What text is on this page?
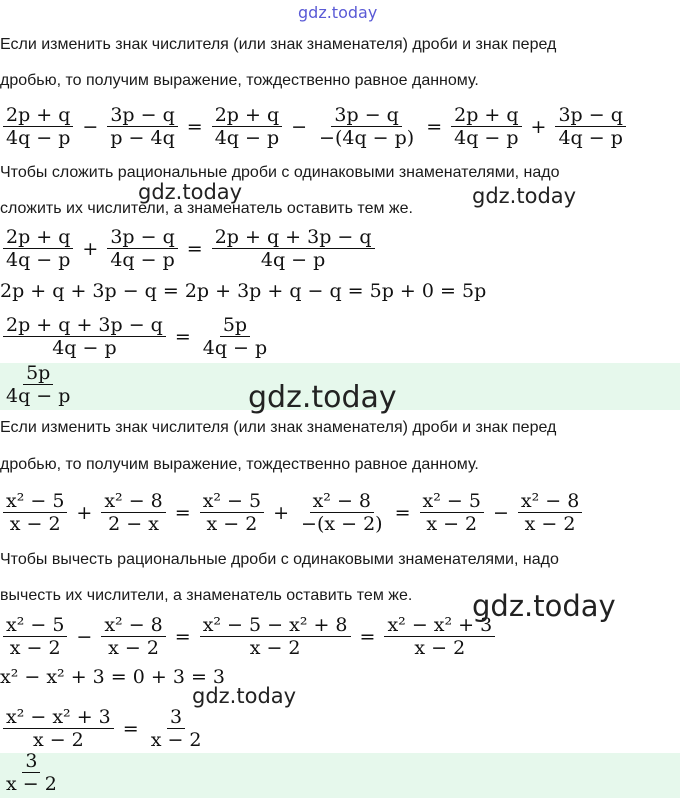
gdz.today
Если изменить знак числителя (или знак знаменателя) дроби и знак перед
дробью, то получим выражение, тождественно равное данному.
$\frac{2p + q}{4q - p} - \frac{3p - q}{p - 4q} = \frac{2p + q}{4q - p} - \frac{3p - q}{-(4q - p)} = \frac{2p + q}{4q - p} + \frac{3p - q}{4q - p}$
Чтобы сложить рациональные дроби с одинаковыми знаменателями, надо
сложить их числители, а знаменатель оставить тем же.
$\frac{2p + q}{4q - p} + \frac{3p - q}{4q - p} = \frac{2p + q + 3p - q}{4q - p}$
2p + q + 3p − q = 2p + 3p + q − q = 5p + 0 = 5p
$\frac{2p + q + 3p - q}{4q - p} = \frac{5p}{4q - p}$
$\frac{5p}{4q - p}$
Если изменить знак числителя (или знак знаменателя) дроби и знак перед
дробью, то получим выражение, тождественно равное данному.
$\frac{\text{x² − 5}}{x - 2} + \frac{\text{x² − 8}}{2 - x} = \frac{\text{x² − 5}}{x - 2} + \frac{\text{x² − 8}}{-(x - 2)} = \frac{\text{x² − 5}}{x - 2} - \frac{\text{x² − 8}}{x - 2}$
Чтобы вычесть рациональные дроби с одинаковыми знаменателями, надо
вычесть их числители, а знаменатель оставить тем же.
$\frac{\text{x² − 5}}{x - 2} - \frac{\text{x² − 8}}{x - 2} = \frac{\text{x² − 5 − x² + 8}}{x - 2} = \frac{\text{x² − x² + 3}}{x - 2}$
x² − x² + 3 = 0 + 3 = 3
$\frac{\text{x² − x² + 3}}{x - 2} = \frac{3}{x - 2}$
$\frac{3}{x - 2}$
gdz.today	gdz.today
gdz.today
gdz.today
gdz.today
